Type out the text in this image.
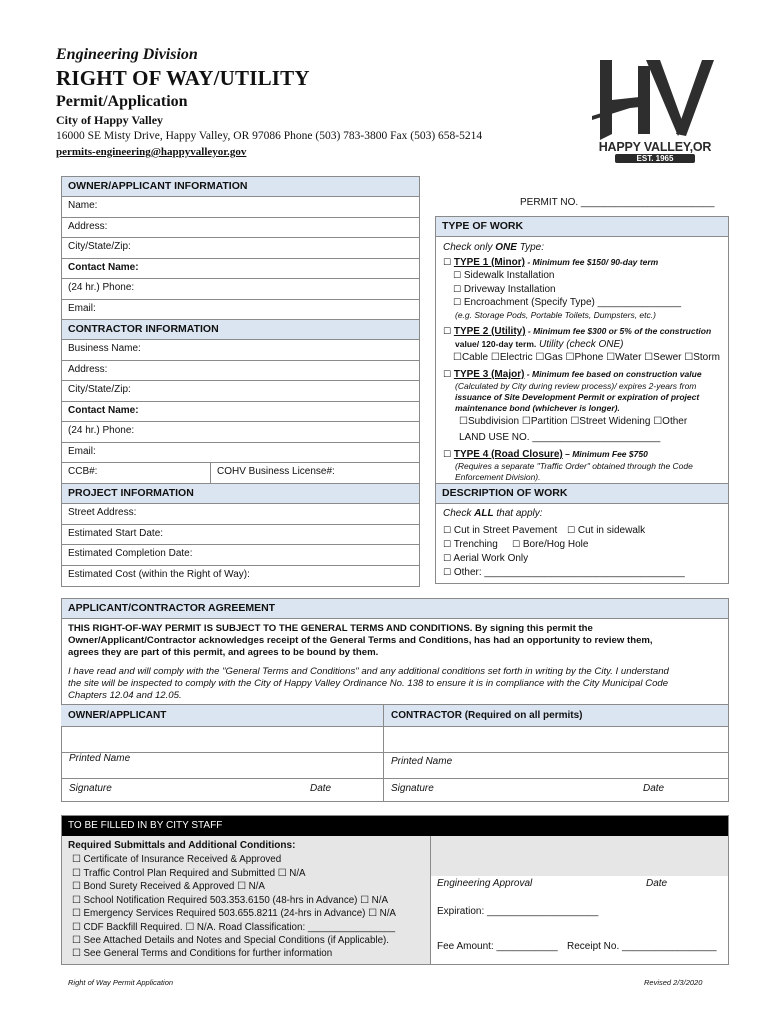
Engineering Division
RIGHT OF WAY/UTILITY
Permit/Application
City of Happy Valley
16000 SE Misty Drive, Happy Valley, OR 97086 Phone (503) 783-3800 Fax (503) 658-5214
permits-engineering@happyvalleyor.gov	HAPPY VALLEY,OR
EST. 1965
OWNER/APPLICANT INFORMATION
Name:
Address:
City/State/Zip:
Contact Name:
(24 hr.) Phone:
Email:
CONTRACTOR INFORMATION
Business Name:
Address:
City/State/Zip:
Contact Name:
(24 hr.) Phone:
Email:
CCB#:	COHV Business License#:
PROJECT INFORMATION
Street Address:
Estimated Start Date:
Estimated Completion Date:
Estimated Cost (within the Right of Way):
PERMIT NO. ________________________
TYPE OF WORK
Check only ONE Type:
☐ TYPE 1 (Minor) - Minimum fee $150/ 90-day term
☐ Sidewalk Installation
☐ Driveway Installation
☐ Encroachment (Specify Type) _______________
(e.g. Storage Pods, Portable Toilets, Dumpsters, etc.)
☐ TYPE 2 (Utility) - Minimum fee $300 or 5% of the construction
value/ 120-day term. Utility (check ONE)
☐Cable ☐Electric ☐Gas ☐Phone ☐Water ☐Sewer ☐Storm
☐ TYPE 3 (Major) - Minimum fee based on construction value
(Calculated by City during review process)/ expires 2-years from
issuance of Site Development Permit or expiration of project
maintenance bond (whichever is longer).
☐Subdivision ☐Partition ☐Street Widening ☐Other
LAND USE NO. _______________________
☐ TYPE 4 (Road Closure) – Minimum Fee $750
(Requires a separate "Traffic Order" obtained through the Code
Enforcement Division).
DESCRIPTION OF WORK
Check ALL that apply:
☐ Cut in Street Pavement ☐ Cut in sidewalk
☐ Trenching ☐ Bore/Hog Hole
☐ Aerial Work Only
☐ Other: ____________________________________
APPLICANT/CONTRACTOR AGREEMENT
THIS RIGHT-OF-WAY PERMIT IS SUBJECT TO THE GENERAL TERMS AND CONDITIONS. By signing this permit the
Owner/Applicant/Contractor acknowledges receipt of the General Terms and Conditions, has had an opportunity to review them,
agrees they are part of this permit, and agrees to be bound by them.
I have read and will comply with the "General Terms and Conditions" and any additional conditions set forth in writing by the City. I understand
the site will be inspected to comply with the City of Happy Valley Ordinance No. 138 to ensure it is in compliance with the City Municipal Code
Chapters 12.04 and 12.05.
OWNER/APPLICANT	CONTRACTOR (Required on all permits)
Printed Name	Printed Name
Signature	Date	Signature	Date
TO BE FILLED IN BY CITY STAFF
Required Submittals and Additional Conditions:
☐ Certificate of Insurance Received & Approved
☐ Traffic Control Plan Required and Submitted ☐ N/A
☐ Bond Surety Received & Approved ☐ N/A
☐ School Notification Required 503.353.6150 (48-hrs in Advance) ☐ N/A
☐ Emergency Services Required 503.655.8211 (24-hrs in Advance) ☐ N/A
☐ CDF Backfill Required. ☐ N/A. Road Classification: ________________
☐ See Attached Details and Notes and Special Conditions (if Applicable).
☐ See General Terms and Conditions for further information
Engineering Approval	Date
Expiration: ____________________
Fee Amount: ___________ Receipt No. _________________
Right of Way Permit Application	Revised 2/3/2020
